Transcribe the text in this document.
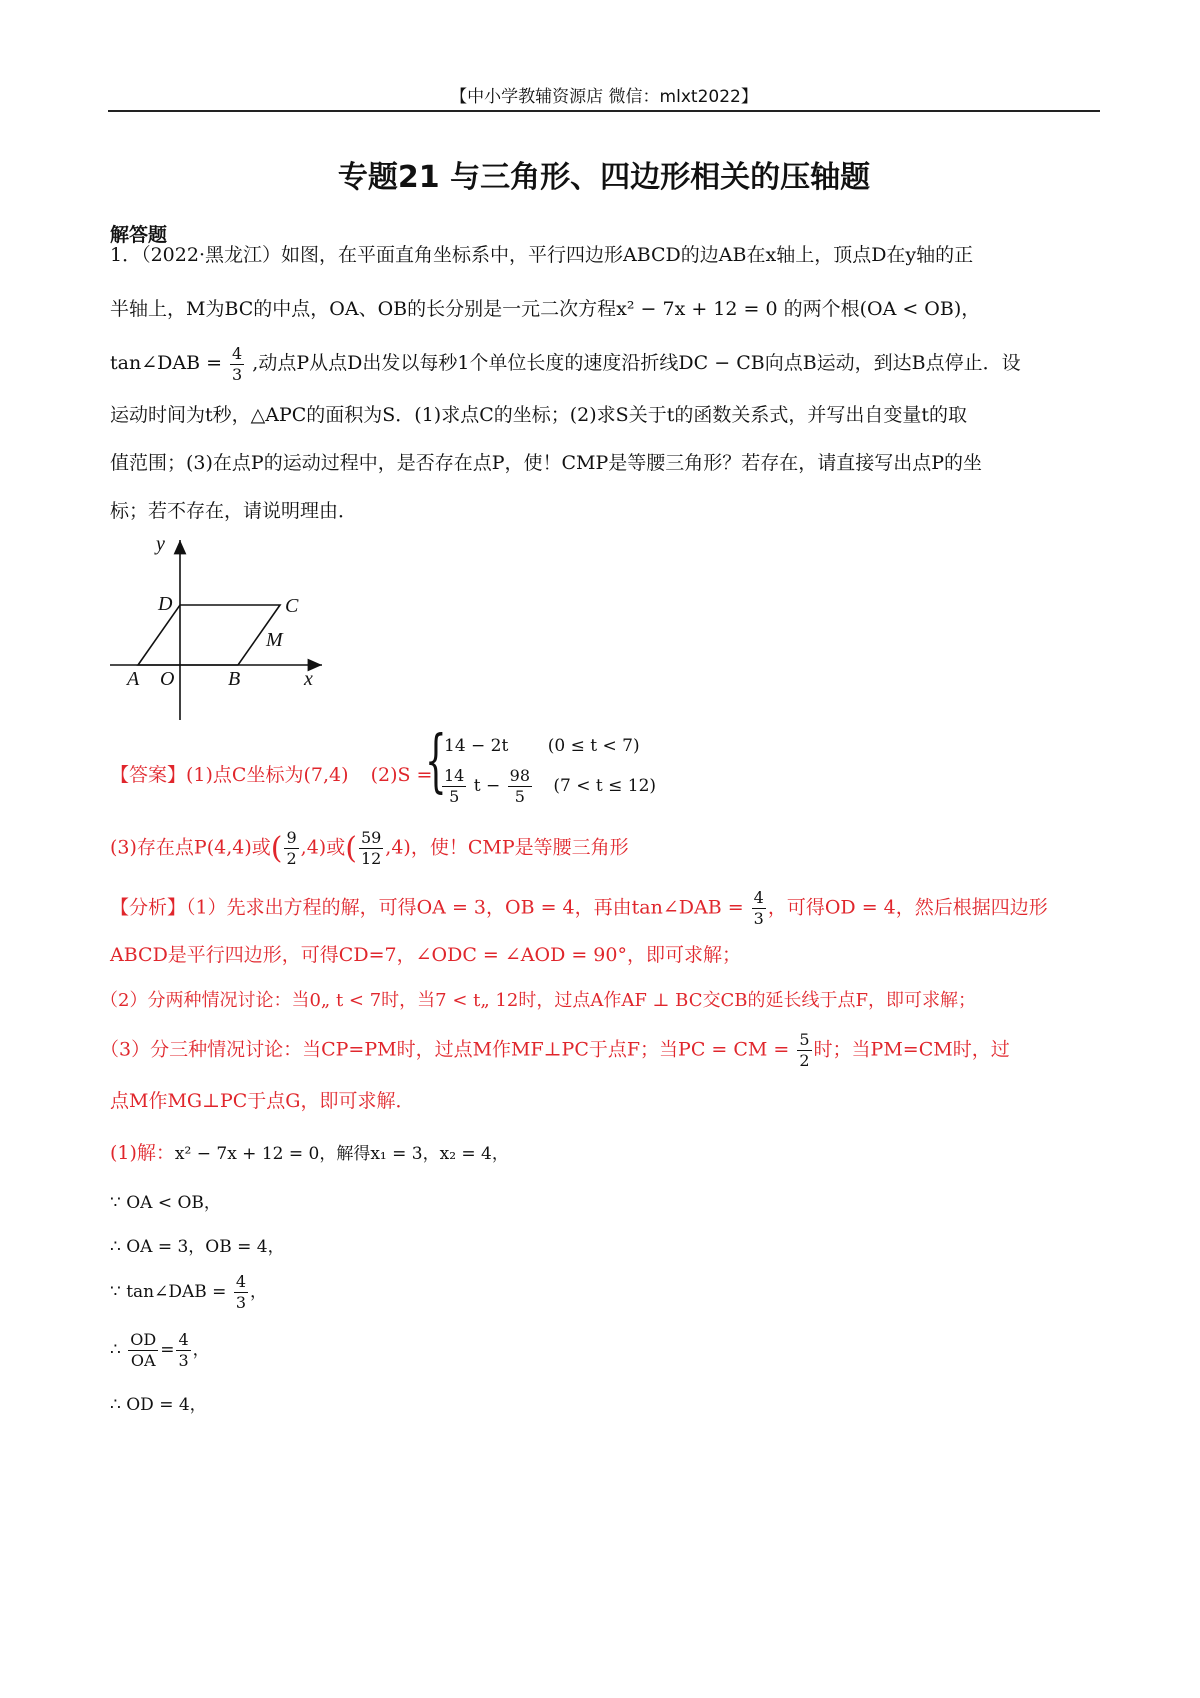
【中小学教辅资源店 微信：mlxt2022】
专题21 与三角形、四边形相关的压轴题
解答题
1．（2022·黑龙江）如图，在平面直角坐标系中，平行四边形ABCD的边AB在x轴上，顶点D在y轴的正
半轴上，M为BC的中点，OA、OB的长分别是一元二次方程x² − 7x + 12 = 0 的两个根(OA < OB)，
tan∠DAB = $\frac{4}{3}$ ,动点P从点D出发以每秒1个单位长度的速度沿折线DC − CB向点B运动，到达B点停止．设
运动时间为t秒，△APC的面积为S．(1)求点C的坐标；(2)求S关于t的函数关系式，并写出自变量t的取
值范围；(3)在点P的运动过程中，是否存在点P，使！CMP是等腰三角形？若存在，请直接写出点P的坐
标；若不存在，请说明理由．
y
x
D	C
M
A O	B
【答案】(1)点C坐标为(7,4) (2)S =
{
14 − 2t (0 ≤ t < 7)
$\frac{14}{5}$ $t - \frac{98}{5} (7 < t \le 12)$
(3)存在点P(4,4)或( $\frac{9}{2} ,4$)或( $\frac{59}{12} ,4$)，使！CMP是等腰三角形
【分析】（1）先求出方程的解，可得OA = 3，OB = 4，再由tan∠DAB = $\frac{4}{3}$ ，可得OD = 4，然后根据四边形
ABCD是平行四边形，可得CD=7，∠ODC = ∠AOD = 90°，即可求解；
（2）分两种情况讨论：当0„ t < 7时，当7 < t„ 12时，过点A作AF ⊥ BC交CB的延长线于点F，即可求解；
（3）分三种情况讨论：当CP=PM时，过点M作MF⊥PC于点F；当PC = CM = $\frac{5}{2}$ 时；当PM=CM时，过
点M作MG⊥PC于点G，即可求解．
(1)解：x² − 7x + 12 = 0，解得x₁ = 3，x₂ = 4，
∵ OA < OB，
∴ OA = 3，OB = 4，
∵ tan∠DAB = $\frac{4}{3}$ ，
∴ $\frac{OD}{OA} = \frac{4}{3}$ ，
∴ OD = 4，
